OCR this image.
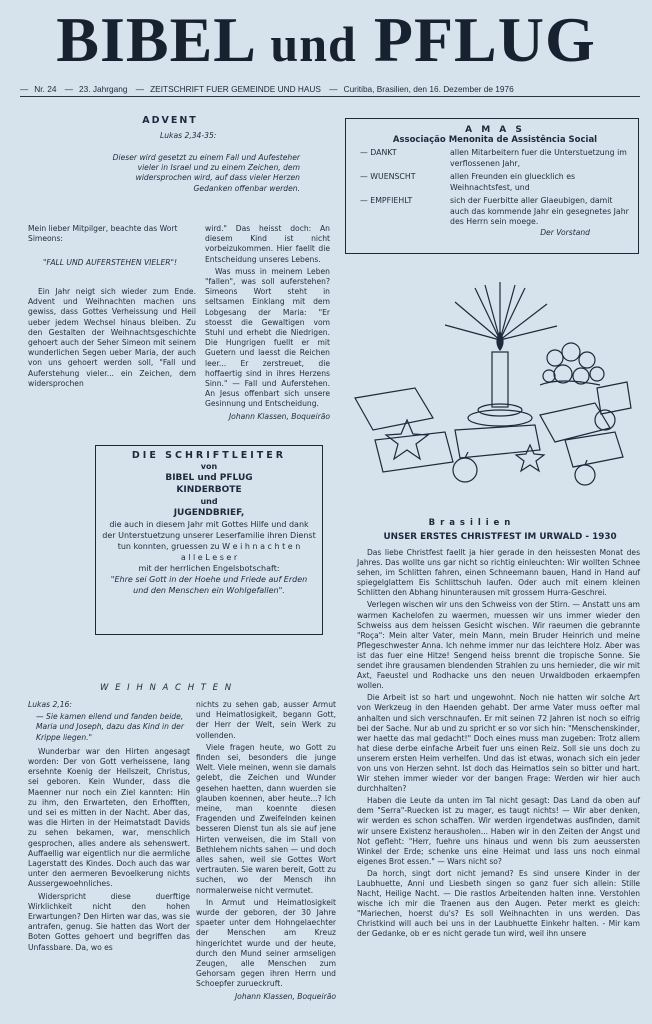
BIBEL und PFLUG
— Nr. 24 — 23. Jahrgang — ZEITSCHRIFT FUER GEMEINDE UND HAUS — Curitiba, Brasilien, den 16. Dezember de 1976
ADVENT
Lukas 2,34-35:
Dieser wird gesetzt zu einem Fall und Aufesteher vieler in Israel und zu einem Zeichen, dem widersprochen wird, auf dass vieler Herzen Gedanken offenbar werden.
Mein lieber Mitpilger, beachte das Wort Simeons:
"FALL UND AUFERSTEHEN VIELER"!

Ein Jahr neigt sich wieder zum Ende. Advent und Weihnachten machen uns gewiss, dass Gottes Verheissung und Heil ueber jedem Wechsel hinaus bleiben. Zu den Gestalten der Weihnachtsgeschichte gehoert auch der Seher Simeon mit seinem wunderlichen Segen ueber Maria, der auch von uns gehoert werden soll, "Fall und Auferstehung vieler... ein Zeichen, dem widersprochen

wird." Das heisst doch: An diesem Kind ist nicht vorbeizukommen. Hier faellt die Entscheidung unseres Lebens.

Was muss in meinem Leben "fallen", was soll auferstehen? Simeons Wort steht in seltsamen Einklang mit dem Lobgesang der Maria: "Er stoesst die Gewaltigen vom Stuhl und erhebt die Niedrigen. Die Hungrigen fuellt er mit Guetern und laesst die Reichen leer... Er zerstreuet, die hoffaertig sind in ihres Herzens Sinn." — Fall und Auferstehen. An Jesus offenbart sich unsere Gesinnung und Entscheidung.

Johann Klassen, Boqueirão
A M A S
Associação Menonita de Assistência Social
— DANKT	allen Mitarbeitern fuer die Unterstuetzung im verflossenen Jahr,
— WUENSCHT	allen Freunden ein gluecklich es Weihnachtsfest, und
— EMPFIEHLT	sich der Fuerbitte aller Glaeubigen, damit auch das kommende Jahr ein gesegnetes Jahr des Herrn sein moege.
Der Vorstand
DIE SCHRIFTLEITER
von
BIBEL und PFLUG
KINDERBOTE
und
JUGENDBRIEF,
die auch in diesem Jahr mit Gottes Hilfe und dank der Unterstuetzung unserer Leserfamilie ihren Dienst tun konnten, gruessen zu W e i h n a c h t e n
a l l e L e s e r
mit der herrlichen Engelsbotschaft:
"Ehre sei Gott in der Hoehe und Friede auf Erden und den Menschen ein Wohlgefallen".
W E I H N A C H T E N
Lukas 2,16:
— Sie kamen eilend und fanden beide, Maria und Joseph, dazu das Kind in der Krippe liegen."

Wunderbar war den Hirten angesagt worden: Der von Gott verheissene, lang ersehnte Koenig der Heilszeit, Christus, sei geboren. Kein Wunder, dass die Maenner nur noch ein Ziel kannten: Hin zu ihm, den Erwarteten, den Erhofften, und sei es mitten in der Nacht. Aber das, was die Hirten in der Heimatstadt Davids zu sehen bekamen, war, menschlich gesprochen, alles andere als sehenswert. Auffaellig war eigentlich nur die aermliche Lagerstatt des Kindes. Doch auch das war unter den aermeren Bevoelkerung nichts Aussergewoehnliches.

Widerspricht diese duerftige Wirklichkeit nicht den hohen Erwartungen? Den Hirten war das, was sie antrafen, genug. Sie hatten das Wort der Boten Gottes gehoert und begriffen das Unfassbare. Da, wo es

nichts zu sehen gab, ausser Armut und Heimatlosigkeit, begann Gott, der Herr der Welt, sein Werk zu vollenden.

Viele fragen heute, wo Gott zu finden sei, besonders die junge Welt. Viele meinen, wenn sie damals gelebt, die Zeichen und Wunder gesehen haetten, dann wuerden sie glauben koennen, aber heute...? Ich meine, man koennte diesen Fragenden und Zweifelnden keinen besseren Dienst tun als sie auf jene Hirten verweisen, die im Stall von Bethlehem nichts sahen — und doch alles sahen, weil sie Gottes Wort vertrauten. Sie waren bereit, Gott zu suchen, wo der Mensch ihn normalerweise nicht vermutet.

In Armut und Heimatlosigkeit wurde der geboren, der 30 Jahre spaeter unter dem Hohngelaechter der Menschen am Kreuz hingerichtet wurde und der heute, durch den Mund seiner armseligen Zeugen, alle Menschen zum Gehorsam gegen ihren Herrn und Schoepfer zurueckruft.

Johann Klassen, Boqueirão
B r a s i l i e n
UNSER ERSTES CHRISTFEST IM URWALD - 1930

Das liebe Christfest faellt ja hier gerade in den heissesten Monat des Jahres. Das wollte uns gar nicht so richtig einleuchten: Wir wollten Schnee sehen, im Schlitten fahren, einen Schneemann bauen, Hand in Hand auf spiegelglattem Eis Schlittschuh laufen. Oder auch mit einem kleinen Schlitten den Abhang hinunterausen mit grossem Hurra-Geschrei.

Verlegen wischen wir uns den Schweiss von der Stirn. — Anstatt uns am warmen Kachelofen zu waermen, muessen wir uns immer wieder den Schweiss aus dem heissen Gesicht wischen. Wir raeumen die gebrannte "Roça": Mein alter Vater, mein Mann, mein Bruder Heinrich und meine Pflegeschwester Anna. Ich nehme immer nur das leichtere Holz. Aber was ist das fuer eine Hitze! Sengend heiss brennt die tropische Sonne. Sie sendet ihre grausamen blendenden Strahlen zu uns hernieder, die wir mit Axt, Faeustel und Rodhacke uns den neuen Urwaldboden erkaempfen wollen.

Die Arbeit ist so hart und ungewohnt. Noch nie hatten wir solche Art von Werkzeug in den Haenden gehabt. Der arme Vater muss oefter mal anhalten und sich verschnaufen. Er mit seinen 72 Jahren ist noch so eifrig bei der Sache. Nur ab und zu spricht er so vor sich hin: "Menschenskinder, wer haette das mal gedacht!" Doch eines muss man zugeben: Trotz allem hat diese derbe einfache Arbeit fuer uns einen Reiz. Soll sie uns doch zu unserem ersten Heim verhelfen. Und das ist etwas, wonach sich ein jeder von uns von Herzen sehnt. Ist doch das Heimatlos sein so bitter und hart. Wir stehen immer wieder vor der bangen Frage: Werden wir hier auch durchhalten?

Haben die Leute da unten im Tal nicht gesagt: Das Land da oben auf dem "Serra"-Ruecken ist zu mager, es taugt nichts! — Wir aber denken, wir werden es schon schaffen. Wir werden irgendetwas ausfinden, damit wir unsere Existenz herausholen... Haben wir in den Zeiten der Angst und Not gefleht: "Herr, fuehre uns hinaus und wenn bis zum aeussersten Winkel der Erde; schenke uns eine Heimat und lass uns noch einmal eigenes Brot essen." — Wars nicht so?

Da horch, singt dort nicht jemand? Es sind unsere Kinder in der Laubhuette, Anni und Liesbeth singen so ganz fuer sich allein: Stille Nacht, Heilige Nacht. — Die rastlos Arbeitenden halten inne. Verstohlen wische ich mir die Traenen aus den Augen. Peter merkt es gleich: "Mariechen, hoerst du's? Es soll Weihnachten in uns werden. Das Christkind will auch bei uns in der Laubhuette Einkehr halten. - Mir kam der Gedanke, ob er es nicht gerade tun wird, weil ihn unsere
